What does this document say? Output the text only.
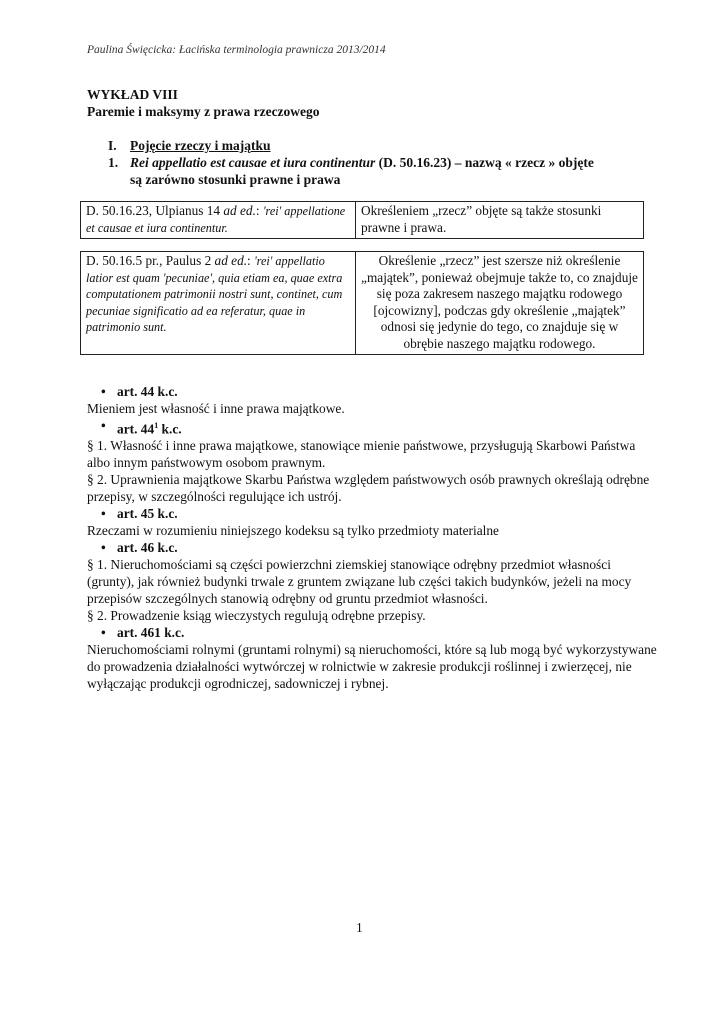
Paulina Święcicka: Łacińska terminologia prawnicza 2013/2014
WYKŁAD VIII
Paremie i maksymy z prawa rzeczowego
I. Pojęcie rzeczy i majątku
1. Rei appellatio est causae et iura continentur (D. 50.16.23) – nazwą « rzecz » objęte
są zarówno stosunki prawne i prawa
D. 50.16.23, Ulpianus 14 ad ed.: 'rei' appellatione et causae et iura continentur.	Określeniem „rzecz” objęte są także stosunki prawne i prawa.
D. 50.16.5 pr., Paulus 2 ad ed.: 'rei' appellatio latior est quam 'pecuniae', quia etiam ea, quae extra computationem patrimonii nostri sunt, continet, cum pecuniae significatio ad ea referatur, quae in patrimonio sunt.	Określenie „rzecz” jest szersze niż określenie „majątek”, ponieważ obejmuje także to, co znajduje się poza zakresem naszego majątku rodowego [ojcowizny], podczas gdy określenie „majątek” odnosi się jedynie do tego, co znajduje się w obrębie naszego majątku rodowego.
• art. 44 k.c.

Mieniem jest własność i inne prawa majątkowe.

• art. $44^1$ k.c.

§ 1. Własność i inne prawa majątkowe, stanowiące mienie państwowe, przysługują Skarbowi Państwa albo innym państwowym osobom prawnym.

§ 2. Uprawnienia majątkowe Skarbu Państwa względem państwowych osób prawnych określają odrębne przepisy, w szczególności regulujące ich ustrój.

• art. 45 k.c.

Rzeczami w rozumieniu niniejszego kodeksu są tylko przedmioty materialne

• art. 46 k.c.

§ 1. Nieruchomościami są części powierzchni ziemskiej stanowiące odrębny przedmiot własności (grunty), jak również budynki trwale z gruntem związane lub części takich budynków, jeżeli na mocy przepisów szczególnych stanowią odrębny od gruntu przedmiot własności.

§ 2. Prowadzenie ksiąg wieczystych regulują odrębne przepisy.

• art. 461 k.c.

Nieruchomościami rolnymi (gruntami rolnymi) są nieruchomości, które są lub mogą być wykorzystywane do prowadzenia działalności wytwórczej w rolnictwie w zakresie produkcji roślinnej i zwierzęcej, nie wyłączając produkcji ogrodniczej, sadowniczej i rybnej.

1
